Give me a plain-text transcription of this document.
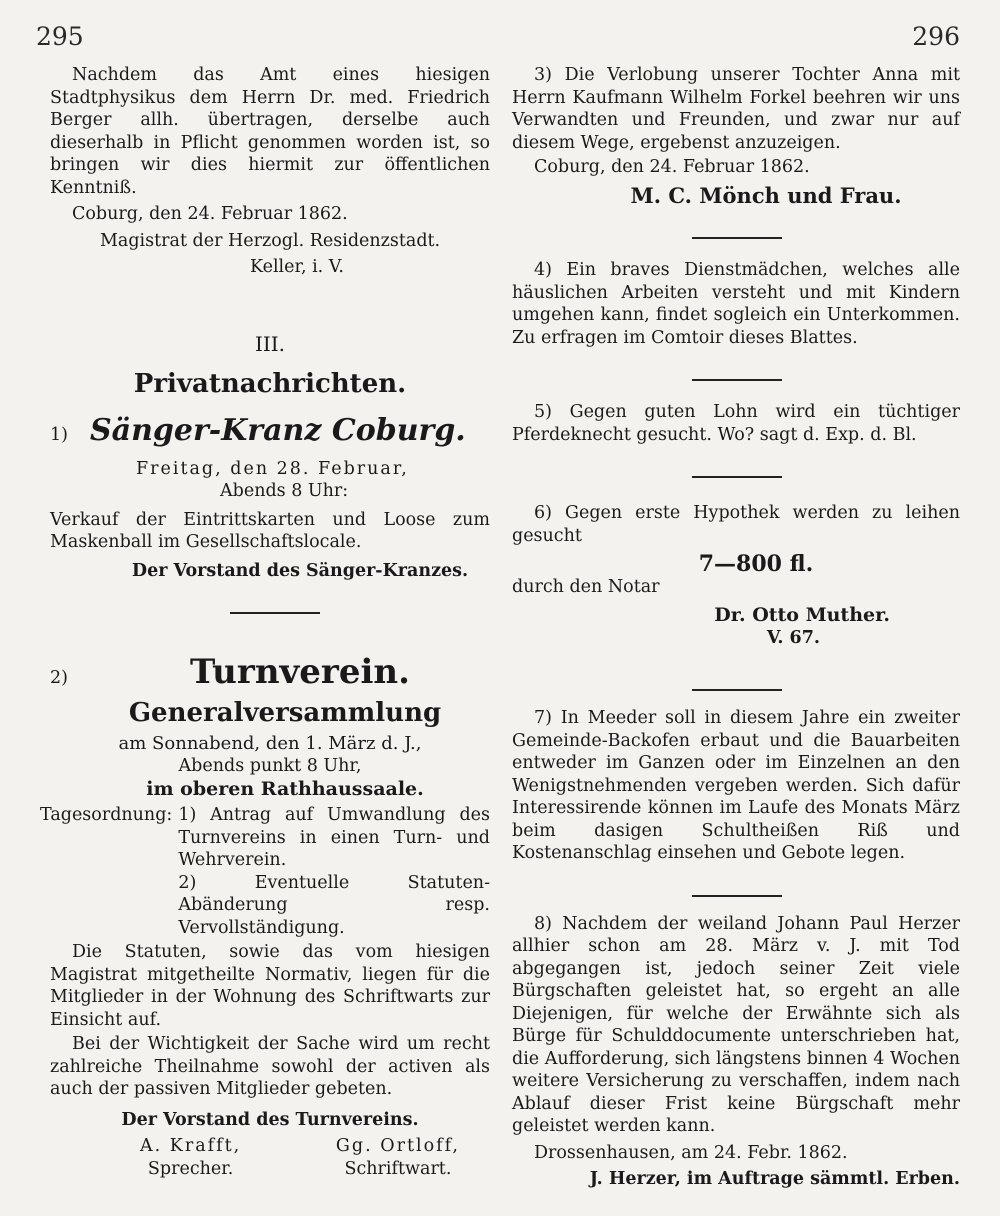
295	296

Nachdem das Amt eines hiesigen Stadtphysikus dem Herrn Dr. med. Friedrich Berger allh. übertragen, derselbe auch dieserhalb in Pflicht genommen worden ist, so bringen wir dies hiermit zur öffentlichen Kenntniß.

Coburg, den 24. Februar 1862.

Magistrat der Herzogl. Residenzstadt.

Keller, i. V.

III.

Privatnachrichten.

1) Sänger-Kranz Coburg.

Freitag, den 28. Februar,

Abends 8 Uhr:

Verkauf der Eintrittskarten und Loose zum Maskenball im Gesellschaftslocale.

Der Vorstand des Sänger-Kranzes.

2)	Turnverein.

Generalversammlung

am Sonnabend, den 1. März d. J.,

Abends punkt 8 Uhr,

im oberen Rathhaussaale.

Tagesordnung: 1) Antrag auf Umwandlung des Turnvereins in einen Turn- und Wehrverein.

2) Eventuelle Statuten-Abänderung resp. Vervollständigung.

Die Statuten, sowie das vom hiesigen Magistrat mitgetheilte Normativ, liegen für die Mitglieder in der Wohnung des Schriftwarts zur Einsicht auf.

Bei der Wichtigkeit der Sache wird um recht zahlreiche Theilnahme sowohl der activen als auch der passiven Mitglieder gebeten.

Der Vorstand des Turnvereins.

A. Krafft,

Sprecher.

Gg. Ortloff,

Schriftwart.

3) Die Verlobung unserer Tochter Anna mit Herrn Kaufmann Wilhelm Forkel beehren wir uns Verwandten und Freunden, und zwar nur auf diesem Wege, ergebenst anzuzeigen.

Coburg, den 24. Februar 1862.

M. C. Mönch und Frau.

4) Ein braves Dienstmädchen, welches alle häuslichen Arbeiten versteht und mit Kindern umgehen kann, findet sogleich ein Unterkommen. Zu erfragen im Comtoir dieses Blattes.

5) Gegen guten Lohn wird ein tüchtiger Pferdeknecht gesucht. Wo? sagt d. Exp. d. Bl.

6) Gegen erste Hypothek werden zu leihen gesucht

7—800 fl.

durch den Notar

Dr. Otto Muther.

V. 67.

7) In Meeder soll in diesem Jahre ein zweiter Gemeinde-Backofen erbaut und die Bauarbeiten entweder im Ganzen oder im Einzelnen an den Wenigstnehmenden vergeben werden. Sich dafür Interessirende können im Laufe des Monats März beim dasigen Schultheißen Riß und Kostenanschlag einsehen und Gebote legen.

8) Nachdem der weiland Johann Paul Herzer allhier schon am 28. März v. J. mit Tod abgegangen ist, jedoch seiner Zeit viele Bürgschaften geleistet hat, so ergeht an alle Diejenigen, für welche der Erwähnte sich als Bürge für Schulddocumente unterschrieben hat, die Aufforderung, sich längstens binnen 4 Wochen weitere Versicherung zu verschaffen, indem nach Ablauf dieser Frist keine Bürgschaft mehr geleistet werden kann.

Drossenhausen, am 24. Febr. 1862.

J. Herzer, im Auftrage sämmtl. Erben.
